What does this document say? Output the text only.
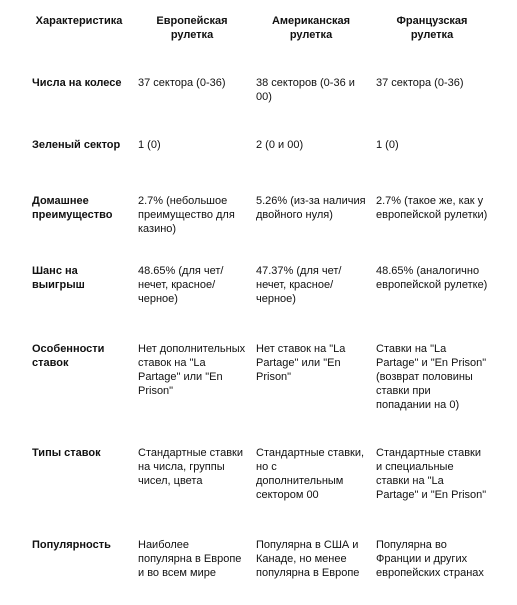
Характеристика	Европейская рулетка	Американская рулетка	Французская рулетка
Числа на колесе	37 сектора (0-36)	38 секторов (0-36 и 00)	37 сектора (0-36)
Зеленый сектор	1 (0)	2 (0 и 00)	1 (0)
Домашнее преимущество	2.7% (небольшое преимущество для казино)	5.26% (из-за наличия двойного нуля)	2.7% (такое же, как у европейской рулетки)
Шанс на выигрыш	48.65% (для чет/нечет, красное/черное)	47.37% (для чет/нечет, красное/черное)	48.65% (аналогично европейской рулетке)
Особенности ставок	Нет дополнительных ставок на "La Partage" или "En Prison"	Нет ставок на "La Partage" или "En Prison"	Ставки на "La Partage" и "En Prison" (возврат половины ставки при попадании на 0)
Типы ставок	Стандартные ставки на числа, группы чисел, цвета	Стандартные ставки, но с дополнительным сектором 00	Стандартные ставки и специальные ставки на "La Partage" и "En Prison"
Популярность	Наиболее популярна в Европе и во всем мире	Популярна в США и Канаде, но менее популярна в Европе	Популярна во Франции и других европейских странах
